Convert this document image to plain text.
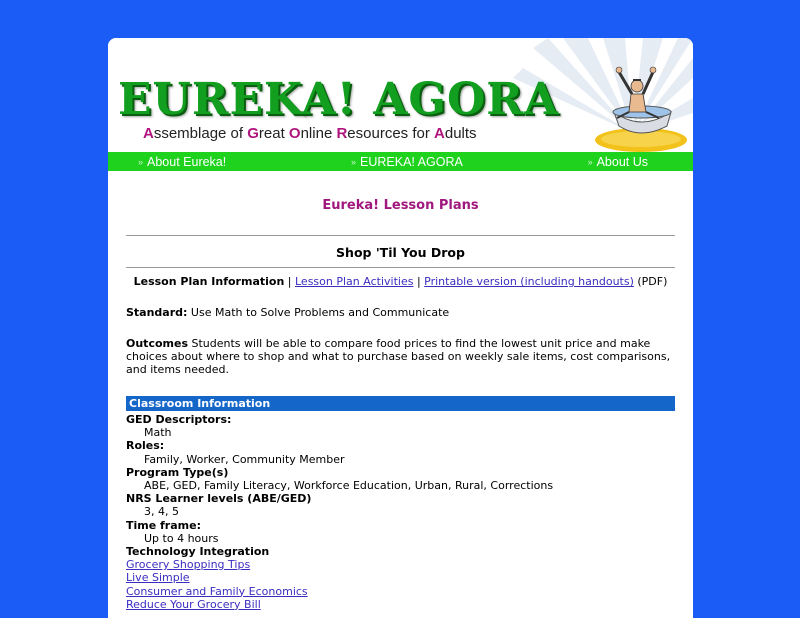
EUREKA! AGORA
Assemblage of Great Online Resources for Adults
» About Eureka!	» EUREKA! AGORA	» About Us
Eureka! Lesson Plans
Shop 'Til You Drop
Lesson Plan Information | Lesson Plan Activities | Printable version (including handouts) (PDF)
Standard: Use Math to Solve Problems and Communicate
Outcomes Students will be able to compare food prices to find the lowest unit price and make choices about where to shop and what to purchase based on weekly sale items, cost comparisons, and items needed.
Classroom Information
GED Descriptors:
Math
Roles:
Family, Worker, Community Member
Program Type(s)
ABE, GED, Family Literacy, Workforce Education, Urban, Rural, Corrections
NRS Learner levels (ABE/GED)
3, 4, 5
Time frame:
Up to 4 hours
Technology Integration
Grocery Shopping Tips
Live Simple
Consumer and Family Economics
Reduce Your Grocery Bill
